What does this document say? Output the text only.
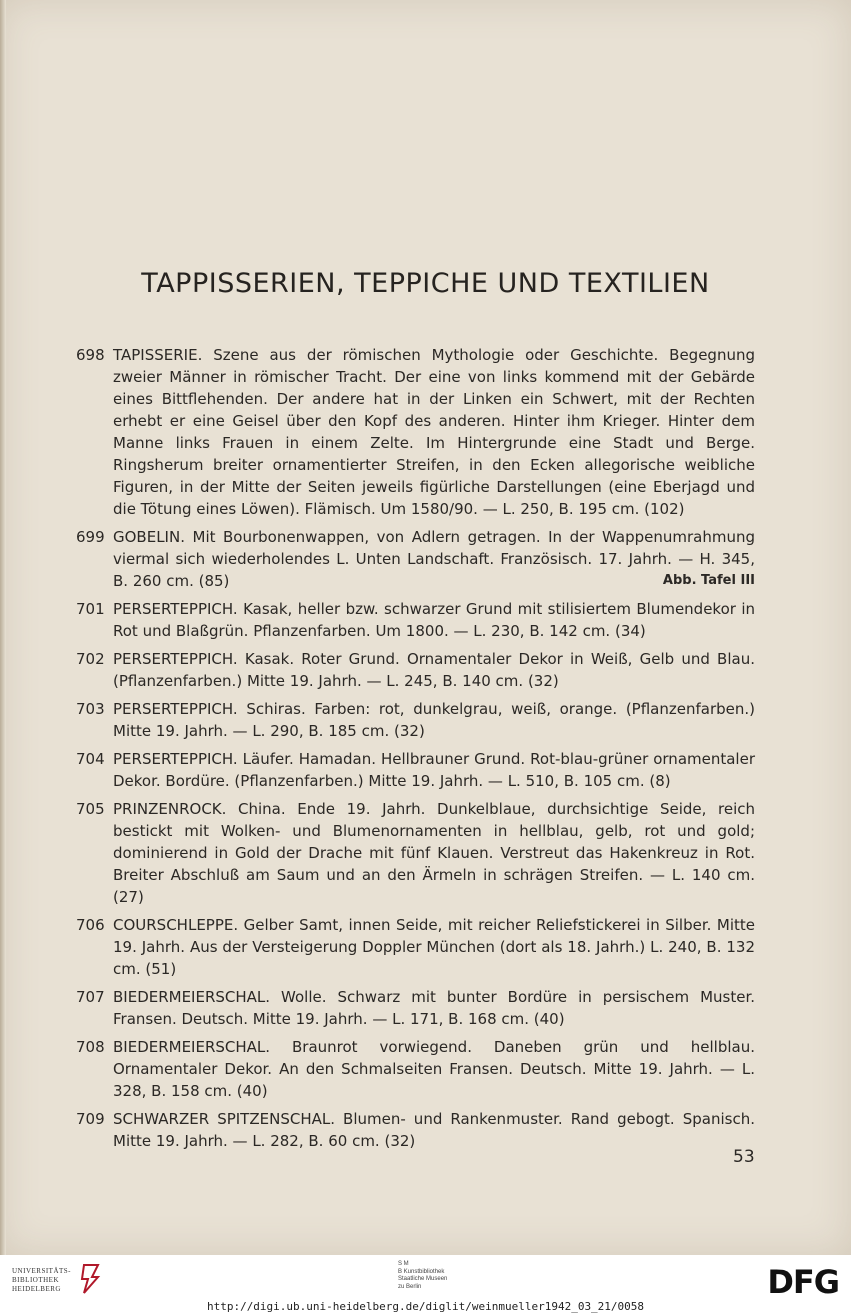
TAPPISSERIEN, TEPPICHE UND TEXTILIEN
698 TAPISSERIE. Szene aus der römischen Mythologie oder Geschichte. Begegnung zweier Männer in römischer Tracht. Der eine von links kommend mit der Gebärde eines Bittflehenden. Der andere hat in der Linken ein Schwert, mit der Rechten erhebt er eine Geisel über den Kopf des anderen. Hinter ihm Krieger. Hinter dem Manne links Frauen in einem Zelte. Im Hintergrunde eine Stadt und Berge. Ringsherum breiter ornamentierter Streifen, in den Ecken allegorische weibliche Figuren, in der Mitte der Seiten jeweils figürliche Darstellungen (eine Eberjagd und die Tötung eines Löwen). Flämisch. Um 1580/90. — L. 250, B. 195 cm. (102)
699 GOBELIN. Mit Bourbonenwappen, von Adlern getragen. In der Wappenumrahmung viermal sich wiederholendes L. Unten Landschaft. Französisch. 17. Jahrh. — H. 345, B. 260 cm. (85)	Abb. Tafel III
701 PERSERTEPPICH. Kasak, heller bzw. schwarzer Grund mit stilisiertem Blumendekor in Rot und Blaßgrün. Pflanzenfarben. Um 1800. — L. 230, B. 142 cm. (34)
702 PERSERTEPPICH. Kasak. Roter Grund. Ornamentaler Dekor in Weiß, Gelb und Blau. (Pflanzenfarben.) Mitte 19. Jahrh. — L. 245, B. 140 cm. (32)
703 PERSERTEPPICH. Schiras. Farben: rot, dunkelgrau, weiß, orange. (Pflanzenfarben.) Mitte 19. Jahrh. — L. 290, B. 185 cm. (32)
704 PERSERTEPPICH. Läufer. Hamadan. Hellbrauner Grund. Rot-blau-grüner ornamentaler Dekor. Bordüre. (Pflanzenfarben.) Mitte 19. Jahrh. — L. 510, B. 105 cm. (8)
705 PRINZENROCK. China. Ende 19. Jahrh. Dunkelblaue, durchsichtige Seide, reich bestickt mit Wolken- und Blumenornamenten in hellblau, gelb, rot und gold; dominierend in Gold der Drache mit fünf Klauen. Verstreut das Hakenkreuz in Rot. Breiter Abschluß am Saum und an den Ärmeln in schrägen Streifen. — L. 140 cm. (27)
706 COURSCHLEPPE. Gelber Samt, innen Seide, mit reicher Reliefstickerei in Silber. Mitte 19. Jahrh. Aus der Versteigerung Doppler München (dort als 18. Jahrh.) L. 240, B. 132 cm. (51)
707 BIEDERMEIERSCHAL. Wolle. Schwarz mit bunter Bordüre in persischem Muster. Fransen. Deutsch. Mitte 19. Jahrh. — L. 171, B. 168 cm. (40)
708 BIEDERMEIERSCHAL. Braunrot vorwiegend. Daneben grün und hellblau. Ornamentaler Dekor. An den Schmalseiten Fransen. Deutsch. Mitte 19. Jahrh. — L. 328, B. 158 cm. (40)
709 SCHWARZER SPITZENSCHAL. Blumen- und Rankenmuster. Rand gebogt. Spanisch. Mitte 19. Jahrh. — L. 282, B. 60 cm. (32)
53
UNIVERSITÄTS-
BIBLIOTHEK
HEIDELBERG
S M
B Kunstbibliothek
Staatliche Museen
zu Berlin	DFG
http://digi.ub.uni-heidelberg.de/diglit/weinmueller1942_03_21/0058
